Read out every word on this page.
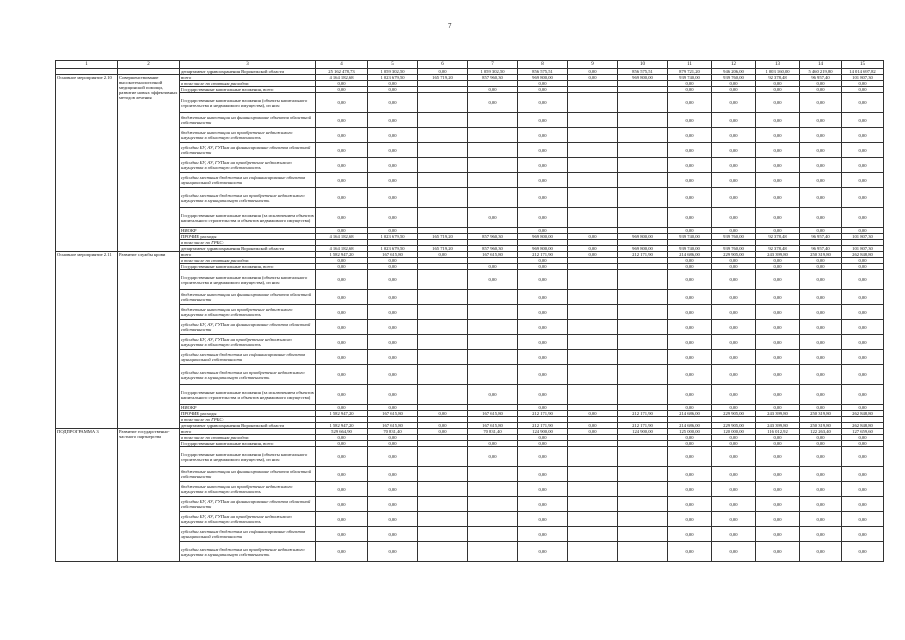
7
1	2	3	4	5	6	7	8	9	10	11	12	13	14	15
		департамент здравоохранения Воронежской области	25 162 478,73	1 059 302,50	0,00	1 059 302,50	856 575,51	0,00	856 575,51	879 721,20	946 206,00	1 003 160,00	5 460 219,80	14 014 697,82
Основное мероприятие 2.10	Совершенствование высокотехнологичной медицинской помощи, развитие новых эффективных методов лечения	всего	4 164 182,68	1 023 679,50	165 719,20	857 960,30	969 800,00	0,00	969 800,00	939 740,00	939 760,00	92 378,48	96 957,40	101 807,30
		в том числе по статьям расходов:	0,00	0,00			0,00			0,00	0,00	0,00	0,00	0,00
		Государственные капитальные вложения, всего	0,00	0,00		0,00	0,00			0,00	0,00	0,00	0,00	0,00
		Государственные капитальные вложения (объекты капитального строительства и недвижимого имущества), из них:	0,00	0,00		0,00	0,00			0,00	0,00	0,00	0,00	0,00
		бюджетные инвестиции на финансирование объектов областной собственности	0,00	0,00			0,00			0,00	0,00	0,00	0,00	0,00
		бюджетные инвестиции на приобретение недвижимого имущества в областную собственность	0,00	0,00			0,00			0,00	0,00	0,00	0,00	0,00
		субсидии БУ, АУ, ГУПам на финансирование объектов областной собственности	0,00	0,00			0,00			0,00	0,00	0,00	0,00	0,00
		субсидии БУ, АУ, ГУПам на приобретение недвижимого имущества в областную собственность	0,00	0,00			0,00			0,00	0,00	0,00	0,00	0,00
		субсидии местным бюджетам на софинансирование объектов муниципальной собственности	0,00	0,00			0,00			0,00	0,00	0,00	0,00	0,00
		субсидии местным бюджетам на приобретение недвижимого имущества в муниципальную собственность	0,00	0,00			0,00			0,00	0,00	0,00	0,00	0,00
		Государственные капитальные вложения (за исключением объектов капитального строительства и объектов недвижимого имущества)	0,00	0,00		0,00	0,00			0,00	0,00	0,00	0,00	0,00
		НИОКР	0,00	0,00			0,00			0,00	0,00	0,00	0,00	0,00
		ПРОЧИЕ расходы	4 164 182,68	1 023 679,50	165 719,20	857 960,30	969 800,00	0,00	969 800,00	939 740,00	939 760,00	92 378,48	96 957,40	101 807,30
		в том числе по ГРБС:												
		департамент здравоохранения Воронежской области	4 164 182,68	1 023 679,50	165 719,20	857 960,30	969 800,00	0,00	969 800,00	939 740,00	939 760,00	92 378,48	96 957,40	101 807,30
Основное мероприятие 2.11	Развитие службы крови	всего	1 582 947,20	167 615,80	0,00	167 615,80	212 171,90	0,00	212 171,90	214 686,00	229 905,00	243 399,80	250 319,80	262 848,80
		в том числе по статьям расходов:	0,00	0,00			0,00			0,00	0,00	0,00	0,00	0,00
		Государственные капитальные вложения, всего	0,00	0,00		0,00	0,00			0,00	0,00	0,00	0,00	0,00
		Государственные капитальные вложения (объекты капитального строительства и недвижимого имущества), из них:	0,00	0,00		0,00	0,00			0,00	0,00	0,00	0,00	0,00
		бюджетные инвестиции на финансирование объектов областной собственности	0,00	0,00			0,00			0,00	0,00	0,00	0,00	0,00
		бюджетные инвестиции на приобретение недвижимого имущества в областную собственность	0,00	0,00			0,00			0,00	0,00	0,00	0,00	0,00
		субсидии БУ, АУ, ГУПам на финансирование объектов областной собственности	0,00	0,00			0,00			0,00	0,00	0,00	0,00	0,00
		субсидии БУ, АУ, ГУПам на приобретение недвижимого имущества в областную собственность	0,00	0,00			0,00			0,00	0,00	0,00	0,00	0,00
		субсидии местным бюджетам на софинансирование объектов муниципальной собственности	0,00	0,00			0,00			0,00	0,00	0,00	0,00	0,00
		субсидии местным бюджетам на приобретение недвижимого имущества в муниципальную собственность	0,00	0,00			0,00			0,00	0,00	0,00	0,00	0,00
		Государственные капитальные вложения (за исключением объектов капитального строительства и объектов недвижимого имущества)	0,00	0,00		0,00	0,00			0,00	0,00	0,00	0,00	0,00
		НИОКР	0,00	0,00			0,00			0,00	0,00	0,00	0,00	0,00
		ПРОЧИЕ расходы	1 582 947,20	167 615,80	0,00	167 615,80	212 171,90	0,00	212 171,90	214 686,00	229 905,00	243 399,80	250 319,80	262 848,80
		в том числе по ГРБС:												
		департамент здравоохранения Воронежской области	1 582 947,20	167 615,80	0,00	167 615,80	212 171,90	0,00	212 171,90	214 686,00	229 905,00	243 399,80	250 319,80	262 848,80
ПОДПРОГРАММА 3	Развитие государственно-частного партнерства	всего	529 664,90	70 831,40	0,00	70 831,40	124 900,00	0,00	124 900,00	125 000,00	120 000,00	116 012,92	122 263,40	127 659,60
		в том числе по статьям расходов:	0,00	0,00			0,00			0,00	0,00	0,00	0,00	0,00
		Государственные капитальные вложения, всего	0,00	0,00		0,00	0,00			0,00	0,00	0,00	0,00	0,00
		Государственные капитальные вложения (объекты капитального строительства и недвижимого имущества), из них:	0,00	0,00		0,00	0,00			0,00	0,00	0,00	0,00	0,00
		бюджетные инвестиции на финансирование объектов областной собственности	0,00	0,00			0,00			0,00	0,00	0,00	0,00	0,00
		бюджетные инвестиции на приобретение недвижимого имущества в областную собственность	0,00	0,00			0,00			0,00	0,00	0,00	0,00	0,00
		субсидии БУ, АУ, ГУПам на финансирование объектов областной собственности	0,00	0,00			0,00			0,00	0,00	0,00	0,00	0,00
		субсидии БУ, АУ, ГУПам на приобретение недвижимого имущества в областную собственность	0,00	0,00			0,00			0,00	0,00	0,00	0,00	0,00
		субсидии местным бюджетам на софинансирование объектов муниципальной собственности	0,00	0,00			0,00			0,00	0,00	0,00	0,00	0,00
		субсидии местным бюджетам на приобретение недвижимого имущества в муниципальную собственность	0,00	0,00			0,00			0,00	0,00	0,00	0,00	0,00
